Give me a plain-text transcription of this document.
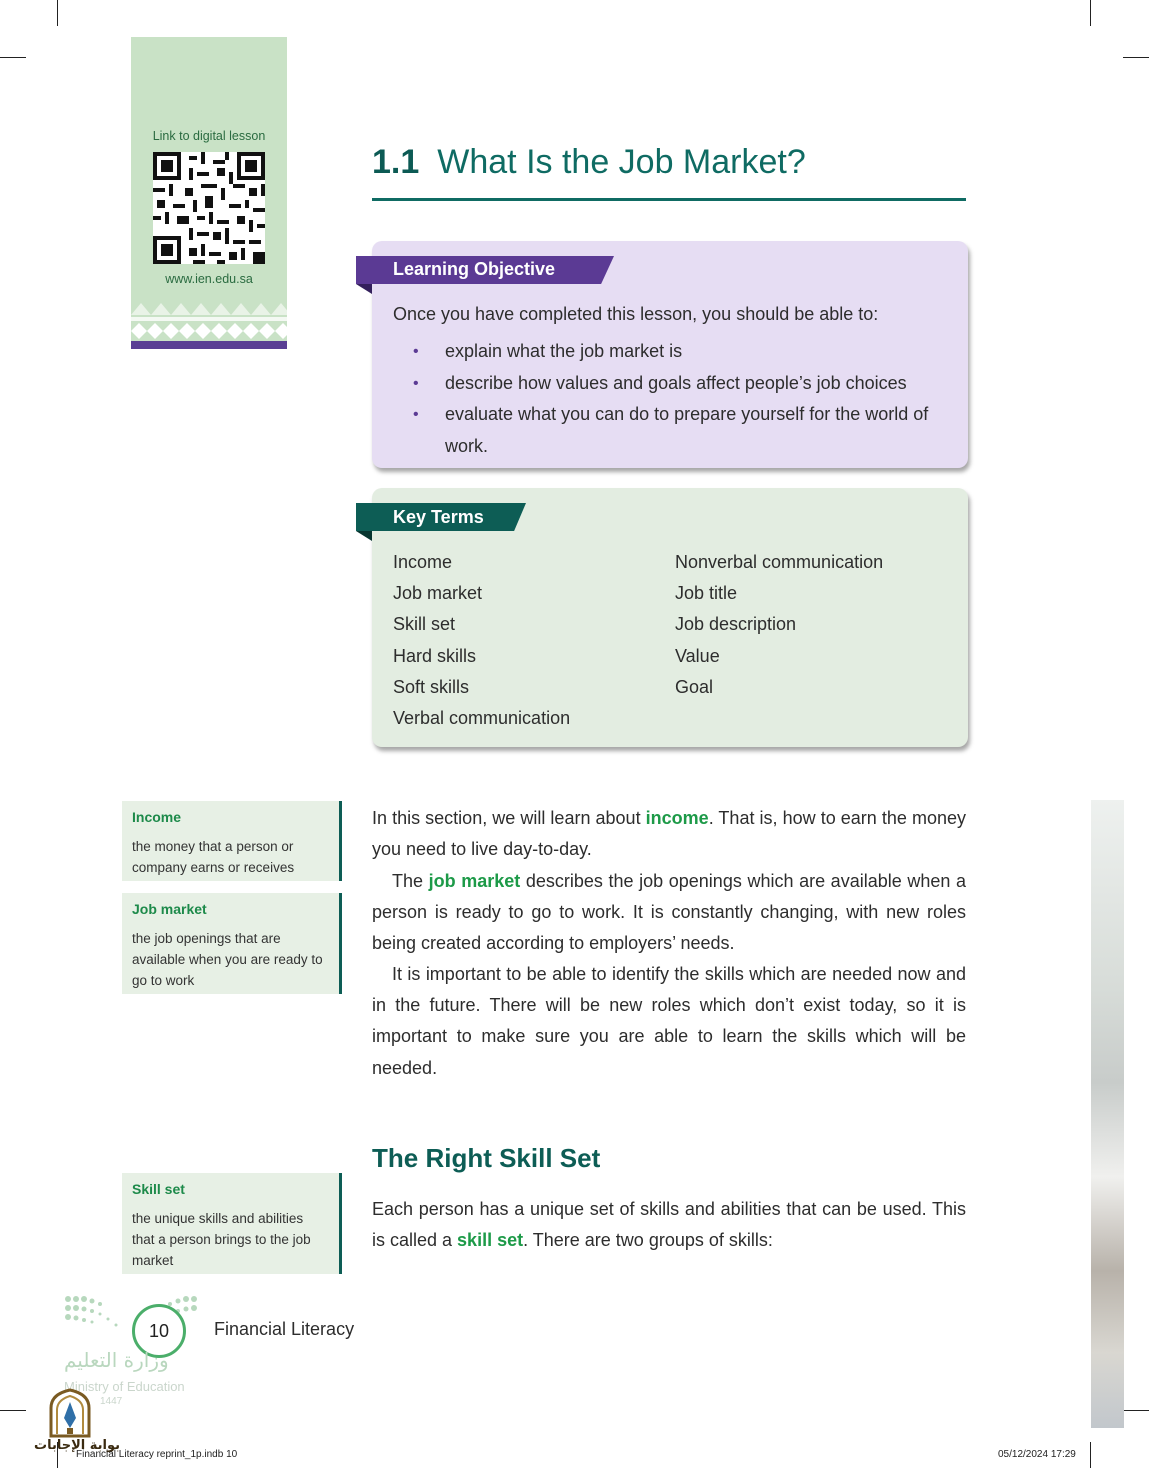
Link to digital lesson
www.ien.edu.sa
1.1 What Is the Job Market?
Learning Objective
Once you have completed this lesson, you should be able to:
• explain what the job market is
• describe how values and goals affect people’s job choices
• evaluate what you can do to prepare yourself for the world of work.
Key Terms
Income
Job market
Skill set
Hard skills
Soft skills
Verbal communication
Nonverbal communication
Job title
Job description
Value
Goal
Income
the money that a person or
company earns or receives
Job market
the job openings that are
available when you are ready to
go to work
Skill set
the unique skills and abilities
that a person brings to the job
market
In this section, we will learn about income. That is, how to earn the money you need to live day-to-day.
The job market describes the job openings which are available when a person is ready to go to work. It is constantly changing, with new roles being created according to employers’ needs.
It is important to be able to identify the skills which are needed now and in the future. There will be new roles which don’t exist today, so it is important to make sure you are able to learn the skills which will be needed.
The Right Skill Set
Each person has a unique set of skills and abilities that can be used. This is called a skill set. There are two groups of skills:
10	Financial Literacy
وزارة التعليم
Ministry of Education
1447
بوابة الإجابات
Financial Literacy reprint_1p.indb 10	05/12/2024 17:29
